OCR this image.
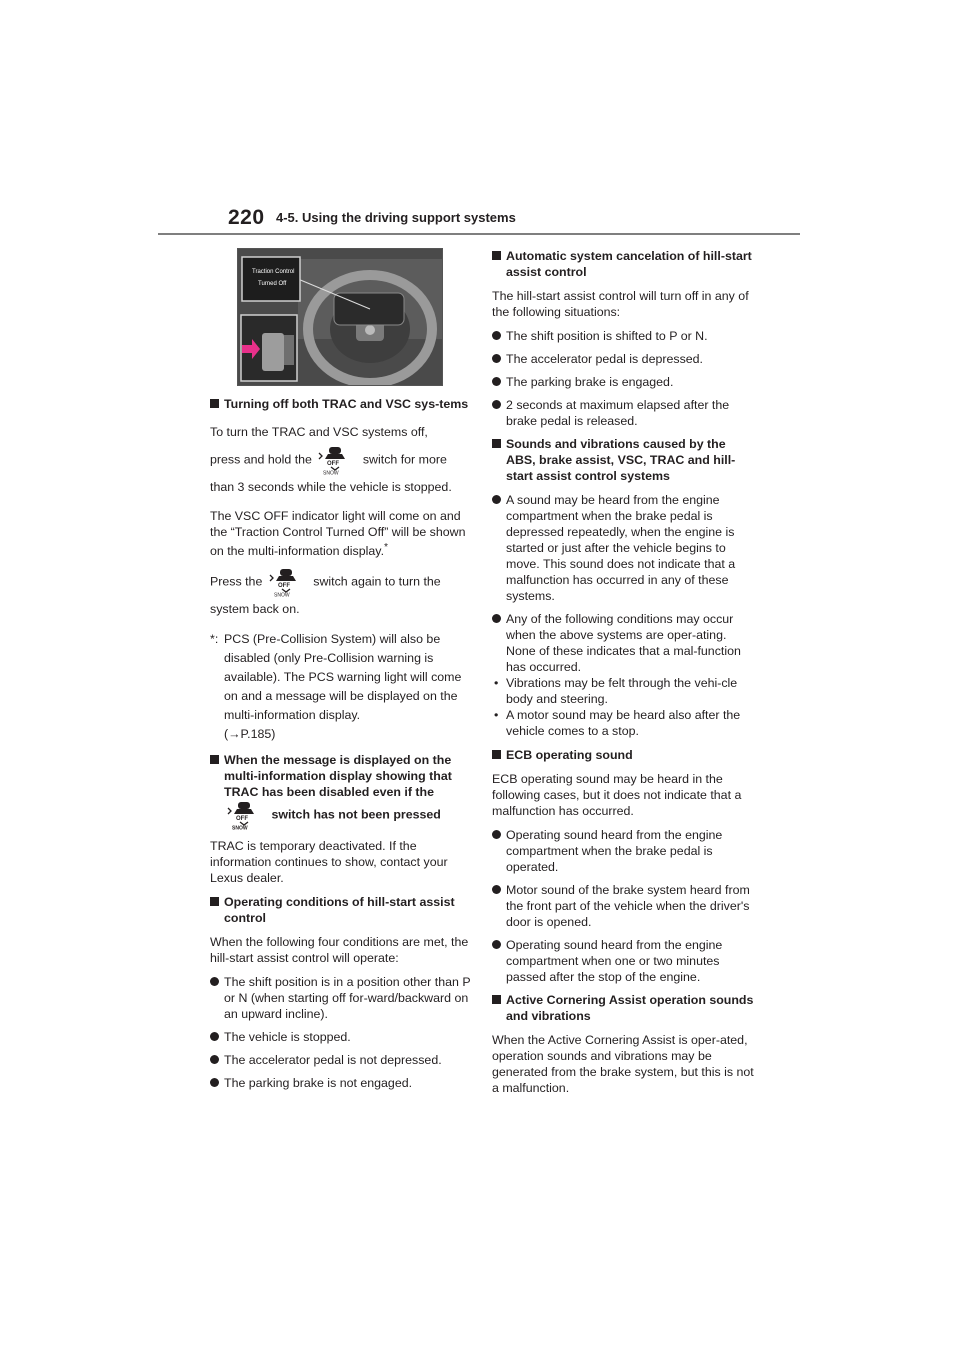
220 4-5. Using the driving support systems
Traction Control
Turned Off
Turning off both TRAC and VSC sys-tems
To turn the TRAC and VSC systems off,
press and hold the	OFF
SNOW
switch for more
than 3 seconds while the vehicle is stopped.
The VSC OFF indicator light will come on and the “Traction Control Turned Off” will be shown on the multi-information display.*
Press the	OFF
SNOW
switch again to turn the
system back on.
*: PCS (Pre-Collision System) will also be disabled (only Pre-Collision warning is available). The PCS warning light will come on and a message will be displayed on the multi-information display.
(→P.185)
When the message is displayed on the multi-information display showing that TRAC has been disabled even if the

OFF
SNOW
switch has not been pressed
TRAC is temporary deactivated. If the information continues to show, contact your Lexus dealer.
Operating conditions of hill-start assist control
When the following four conditions are met, the hill-start assist control will operate:
The shift position is in a position other than P or N (when starting off for-ward/backward on an upward incline).
The vehicle is stopped.
The accelerator pedal is not depressed.
The parking brake is not engaged.
Automatic system cancelation of hill-start assist control
The hill-start assist control will turn off in any of the following situations:
The shift position is shifted to P or N.
The accelerator pedal is depressed.
The parking brake is engaged.
2 seconds at maximum elapsed after the brake pedal is released.
Sounds and vibrations caused by the ABS, brake assist, VSC, TRAC and hill-start assist control systems
A sound may be heard from the engine compartment when the brake pedal is depressed repeatedly, when the engine is started or just after the vehicle begins to move. This sound does not indicate that a malfunction has occurred in any of these systems.
Any of the following conditions may occur when the above systems are oper-ating. None of these indicates that a mal-function has occurred.
• Vibrations may be felt through the vehi-cle body and steering.
• A motor sound may be heard also after the vehicle comes to a stop.
ECB operating sound
ECB operating sound may be heard in the following cases, but it does not indicate that a malfunction has occurred.
Operating sound heard from the engine compartment when the brake pedal is operated.
Motor sound of the brake system heard from the front part of the vehicle when the driver's door is opened.
Operating sound heard from the engine compartment when one or two minutes passed after the stop of the engine.
Active Cornering Assist operation sounds and vibrations
When the Active Cornering Assist is oper-ated, operation sounds and vibrations may be generated from the brake system, but this is not a malfunction.
